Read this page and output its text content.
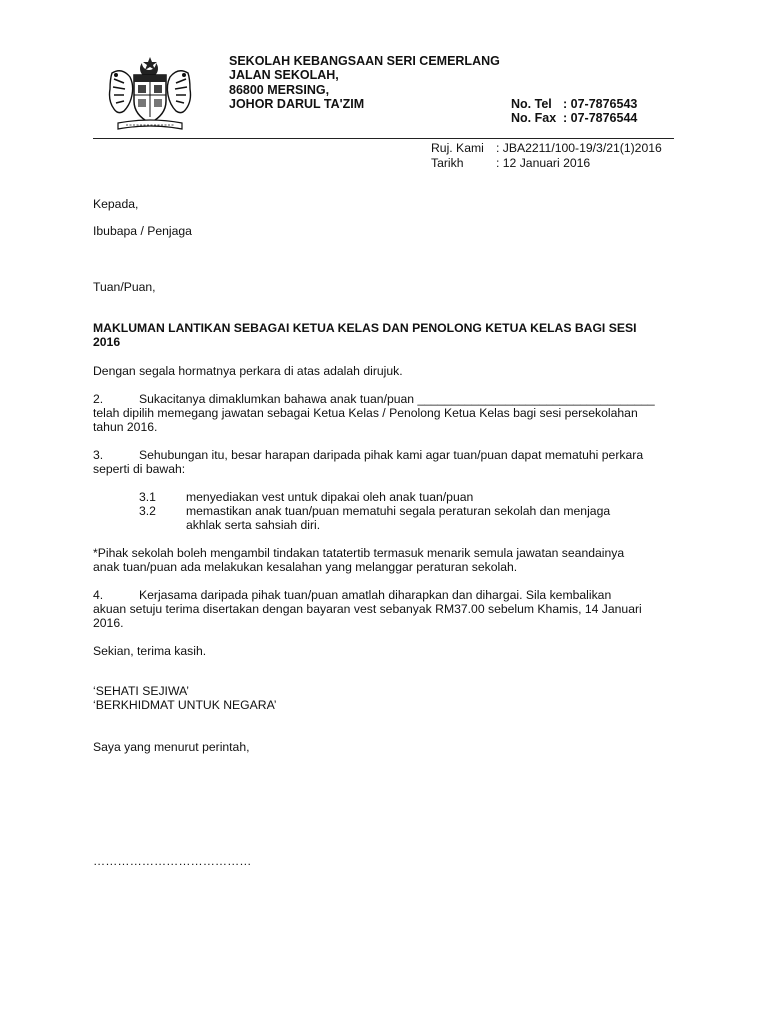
SEKOLAH KEBANGSAAN SERI CEMERLANG
JALAN SEKOLAH,
86800 MERSING,
JOHOR DARUL TA'ZIM	No. Tel : 07-7876543
No. Fax : 07-7876544
Ruj. Kami : JBA2211/100-19/3/21(1)2016
Tarikh	: 12 Januari 2016
Kepada,
Ibubapa / Penjaga
Tuan/Puan,
MAKLUMAN LANTIKAN SEBAGAI KETUA KELAS DAN PENOLONG KETUA KELAS BAGI SESI
2016
Dengan segala hormatnya perkara di atas adalah dirujuk.
2.	Sukacitanya dimaklumkan bahawa anak tuan/puan ___________________________________
telah dipilih memegang jawatan sebagai Ketua Kelas / Penolong Ketua Kelas bagi sesi persekolahan
tahun 2016.
3.	Sehubungan itu, besar harapan daripada pihak kami agar tuan/puan dapat mematuhi perkara
seperti di bawah:
3.1 menyediakan vest untuk dipakai oleh anak tuan/puan
3.2 memastikan anak tuan/puan mematuhi segala peraturan sekolah dan menjaga
akhlak serta sahsiah diri.
*Pihak sekolah boleh mengambil tindakan tatatertib termasuk menarik semula jawatan seandainya
anak tuan/puan ada melakukan kesalahan yang melanggar peraturan sekolah.
4.	Kerjasama daripada pihak tuan/puan amatlah diharapkan dan dihargai. Sila kembalikan
akuan setuju terima disertakan dengan bayaran vest sebanyak RM37.00 sebelum Khamis, 14 Januari
2016.
Sekian, terima kasih.
‘SEHATI SEJIWA’
‘BERKHIDMAT UNTUK NEGARA’
Saya yang menurut perintah,
…………………………………
